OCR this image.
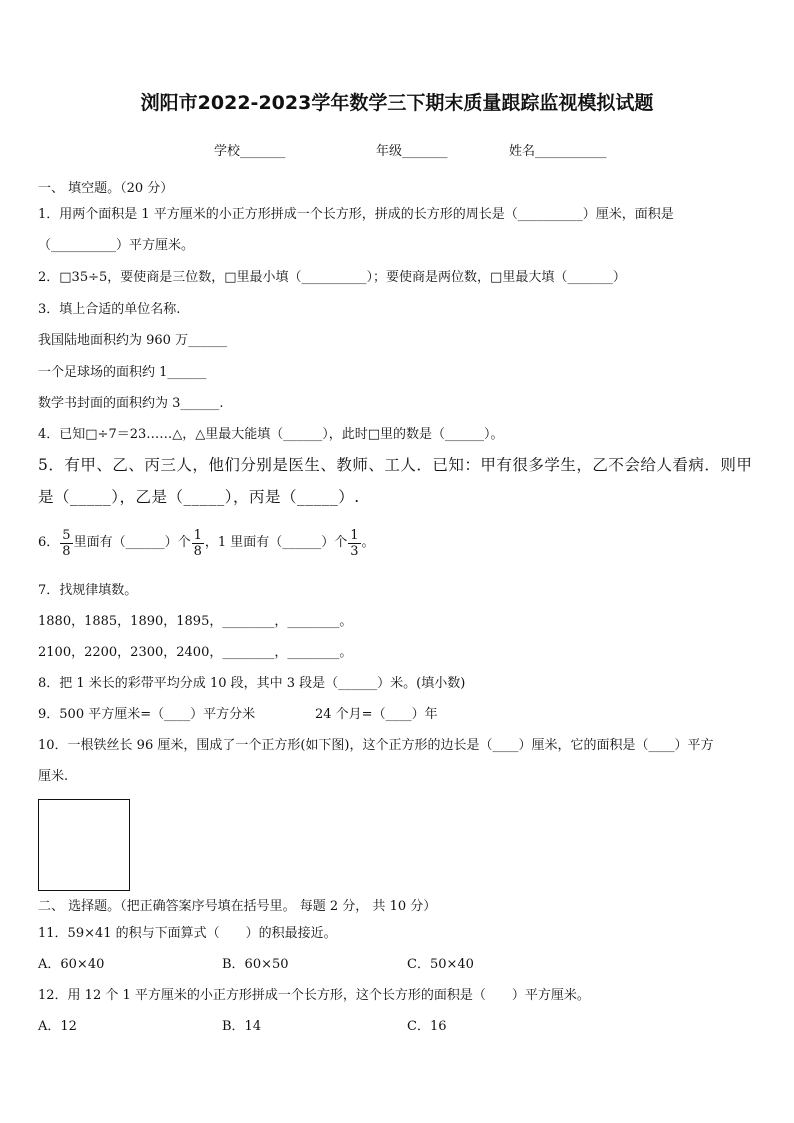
浏阳市2022-2023学年数学三下期末质量跟踪监视模拟试题
学校_______	年级_______	姓名___________
一、 填空题。（20 分）
1．用两个面积是 1 平方厘米的小正方形拼成一个长方形，拼成的长方形的周长是（__________）厘米，面积是
（__________）平方厘米。
2．□35÷5，要使商是三位数，□里最小填（__________）；要使商是两位数，□里最大填（_______）
3．填上合适的单位名称.
我国陆地面积约为 960 万______
一个足球场的面积约 1______
数学书封面的面积约为 3______.
4．已知□÷7＝23……△，△里最大能填（______），此时□里的数是（______）。
5．有甲、乙、丙三人，他们分别是医生、教师、工人．已知：甲有很多学生，乙不会给人看病．则甲
是（_____），乙是（_____），丙是（_____）.
6． $\frac{5}{8}$ 里面有（______）个 $\frac{1}{8}$ ，1 里面有（______）个 $\frac{1}{3}$ 。
7．找规律填数。
1880，1885，1890，1895，________，________。
2100，2200，2300，2400，________，________。
8．把 1 米长的彩带平均分成 10 段，其中 3 段是（______）米。(填小数)
9．500 平方厘米=（____）平方分米	24 个月=（____）年
10．一根铁丝长 96 厘米，围成了一个正方形(如下图)，这个正方形的边长是（____）厘米，它的面积是（____）平方
厘米.
二、 选择题。（把正确答案序号填在括号里。 每题 2 分， 共 10 分）
11．59×41 的积与下面算式（　　）的积最接近。
A．60×40	B．60×50	C．50×40
12．用 12 个 1 平方厘米的小正方形拼成一个长方形，这个长方形的面积是（　　）平方厘米。
A．12	B．14	C．16
